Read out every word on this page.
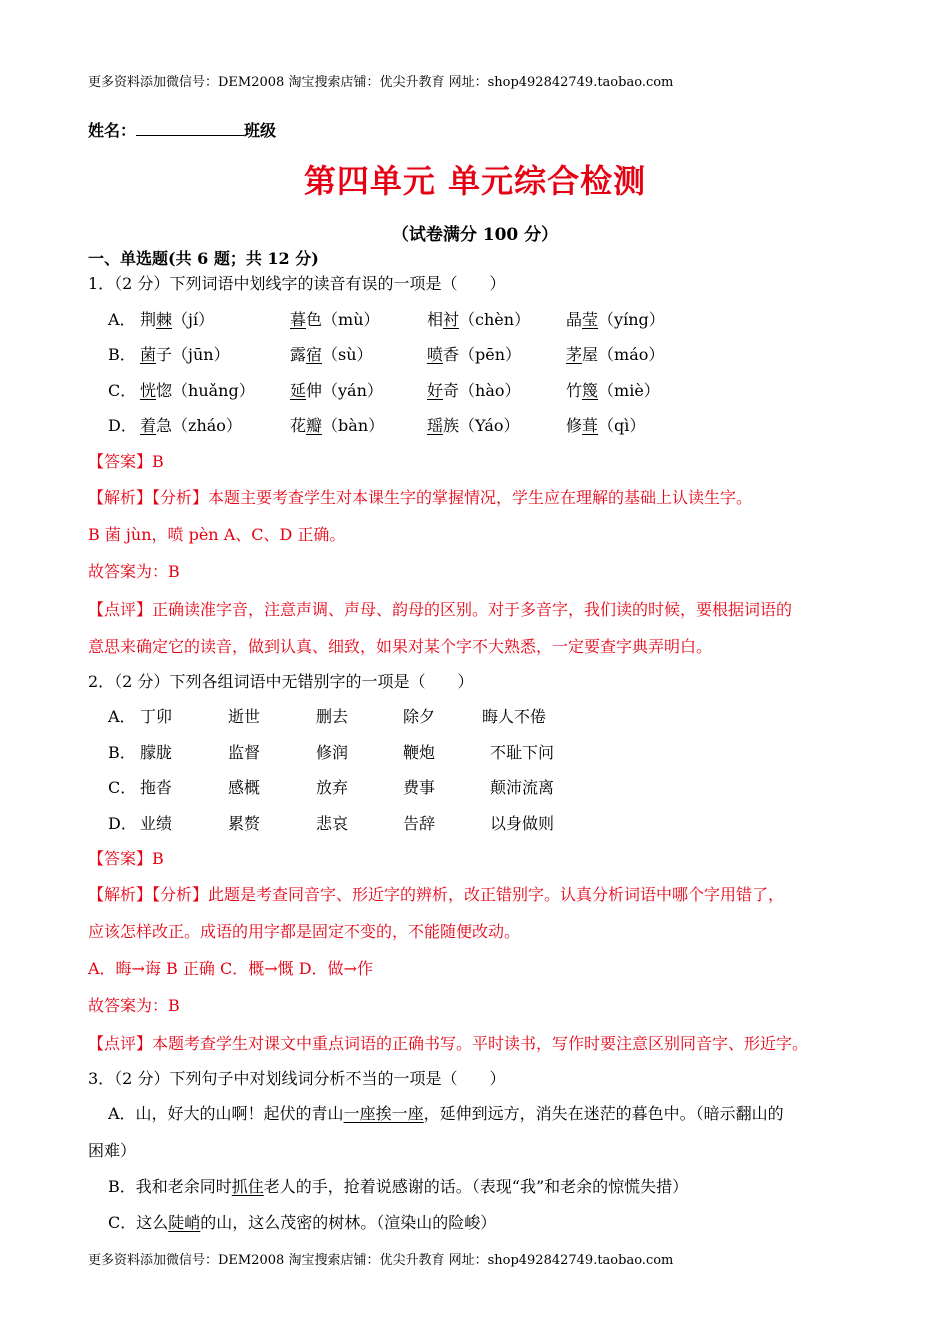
更多资料添加微信号：DEM2008 淘宝搜索店铺：优尖升教育 网址：shop492842749.taobao.com
姓名：	班级
第四单元 单元综合检测
（试卷满分 100 分）
一、单选题(共 6 题；共 12 分)
1．（2 分）下列词语中划线字的读音有误的一项是（　　）
A． 荆棘（jí）	暮色（mù）	相衬（chèn） 晶莹（yíng）
B． 菌子（jūn）	露宿（sù）	喷香（pēn）	茅屋（máo）
C． 恍惚（huǎng） 延伸（yán）	好奇（hào）	竹篾（miè）
D． 着急（zháo）	花瓣（bàn）	瑶族（Yáo）	修葺（qì）
【答案】B
【解析】【分析】本题主要考查学生对本课生字的掌握情况，学生应在理解的基础上认读生字。
B 菌 jùn，喷 pèn A、C、D 正确。
故答案为：B
【点评】正确读准字音，注意声调、声母、韵母的区别。对于多音字，我们读的时候，要根据词语的
意思来确定它的读音，做到认真、细致，如果对某个字不大熟悉，一定要查字典弄明白。
2．（2 分）下列各组词语中无错别字的一项是（　　）
A． 丁卯	逝世	删去	除夕	晦人不倦
B． 朦胧	监督	修润	鞭炮	不耻下问
C． 拖沓	感概	放弃	费事	颠沛流离
D． 业绩	累赘	悲哀	告辞	以身做则
【答案】B
【解析】【分析】此题是考查同音字、形近字的辨析，改正错别字。认真分析词语中哪个字用错了，
应该怎样改正。成语的用字都是固定不变的，不能随便改动。
A．晦→诲 B 正确 C．概→慨 D．做→作
故答案为：B
【点评】本题考查学生对课文中重点词语的正确书写。平时读书，写作时要注意区别同音字、形近字。
3．（2 分）下列句子中对划线词分析不当的一项是（　　）
A．山，好大的山啊！起伏的青山一座挨一座，延伸到远方，消失在迷茫的暮色中。（暗示翻山的
困难）
B．我和老余同时抓住老人的手，抢着说感谢的话。（表现“我”和老余的惊慌失措）
C．这么陡峭的山，这么茂密的树林。（渲染山的险峻）
更多资料添加微信号：DEM2008 淘宝搜索店铺：优尖升教育 网址：shop492842749.taobao.com
